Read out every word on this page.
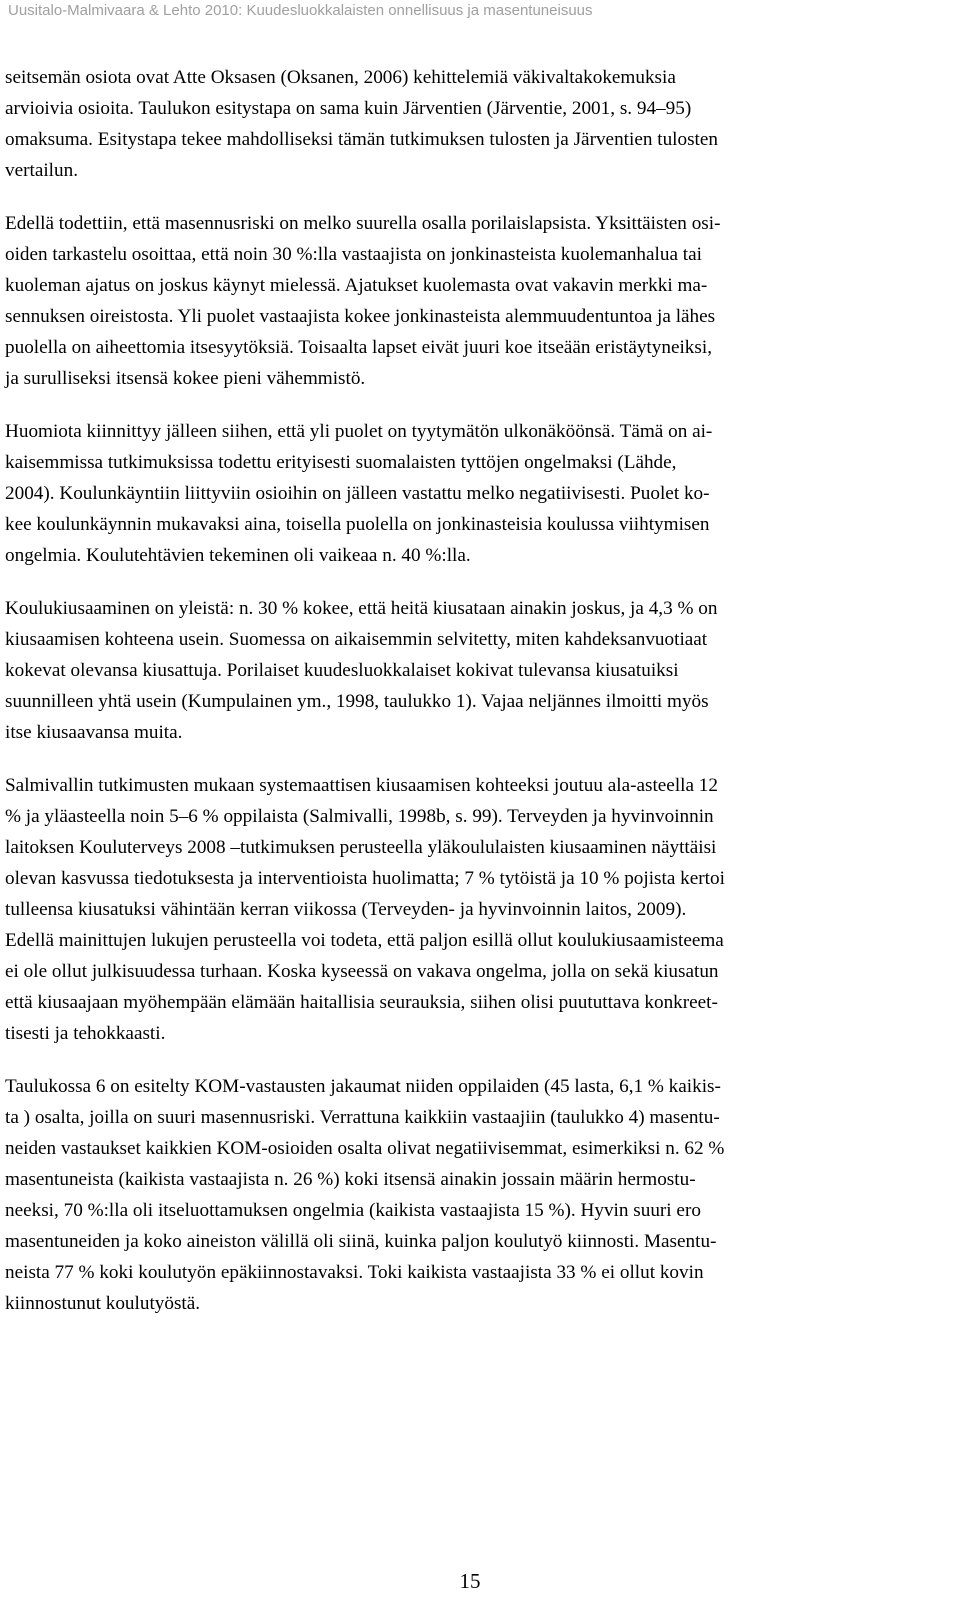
Uusitalo-Malmivaara & Lehto 2010: Kuudesluokkalaisten onnellisuus ja masentuneisuus

seitsemän osiota ovat Atte Oksasen (Oksanen, 2006) kehittelemiä väkivaltakokemuksia
arvioivia osioita. Taulukon esitystapa on sama kuin Järventien (Järventie, 2001, s. 94–95)
omaksuma. Esitystapa tekee mahdolliseksi tämän tutkimuksen tulosten ja Järventien tulosten
vertailun.

Edellä todettiin, että masennusriski on melko suurella osalla porilaislapsista. Yksittäisten osi-
oiden tarkastelu osoittaa, että noin 30 %:lla vastaajista on jonkinasteista kuolemanhalua tai
kuoleman ajatus on joskus käynyt mielessä. Ajatukset kuolemasta ovat vakavin merkki ma-
sennuksen oireistosta. Yli puolet vastaajista kokee jonkinasteista alemmuudentuntoa ja lähes
puolella on aiheettomia itsesyytöksiä. Toisaalta lapset eivät juuri koe itseään eristäytyneiksi,
ja surulliseksi itsensä kokee pieni vähemmistö.

Huomiota kiinnittyy jälleen siihen, että yli puolet on tyytymätön ulkonäköönsä. Tämä on ai-
kaisemmissa tutkimuksissa todettu erityisesti suomalaisten tyttöjen ongelmaksi (Lähde,
2004). Koulunkäyntiin liittyviin osioihin on jälleen vastattu melko negatiivisesti. Puolet ko-
kee koulunkäynnin mukavaksi aina, toisella puolella on jonkinasteisia koulussa viihtymisen
ongelmia. Koulutehtävien tekeminen oli vaikeaa n. 40 %:lla.

Koulukiusaaminen on yleistä: n. 30 % kokee, että heitä kiusataan ainakin joskus, ja 4,3 % on
kiusaamisen kohteena usein. Suomessa on aikaisemmin selvitetty, miten kahdeksanvuotiaat
kokevat olevansa kiusattuja. Porilaiset kuudesluokkalaiset kokivat tulevansa kiusatuiksi
suunnilleen yhtä usein (Kumpulainen ym., 1998, taulukko 1). Vajaa neljännes ilmoitti myös
itse kiusaavansa muita.

Salmivallin tutkimusten mukaan systemaattisen kiusaamisen kohteeksi joutuu ala-asteella 12
% ja yläasteella noin 5–6 % oppilaista (Salmivalli, 1998b, s. 99). Terveyden ja hyvinvoinnin
laitoksen Kouluterveys 2008 –tutkimuksen perusteella yläkoululaisten kiusaaminen näyttäisi
olevan kasvussa tiedotuksesta ja interventioista huolimatta; 7 % tytöistä ja 10 % pojista kertoi
tulleensa kiusatuksi vähintään kerran viikossa (Terveyden- ja hyvinvoinnin laitos, 2009).
Edellä mainittujen lukujen perusteella voi todeta, että paljon esillä ollut koulukiusaamisteema
ei ole ollut julkisuudessa turhaan. Koska kyseessä on vakava ongelma, jolla on sekä kiusatun
että kiusaajaan myöhempään elämään haitallisia seurauksia, siihen olisi puututtava konkreet-
tisesti ja tehokkaasti.

Taulukossa 6 on esitelty KOM-vastausten jakaumat niiden oppilaiden (45 lasta, 6,1 % kaikis-
ta ) osalta, joilla on suuri masennusriski. Verrattuna kaikkiin vastaajiin (taulukko 4) masentu-
neiden vastaukset kaikkien KOM-osioiden osalta olivat negatiivisemmat, esimerkiksi n. 62 %
masentuneista (kaikista vastaajista n. 26 %) koki itsensä ainakin jossain määrin hermostu-
neeksi, 70 %:lla oli itseluottamuksen ongelmia (kaikista vastaajista 15 %). Hyvin suuri ero
masentuneiden ja koko aineiston välillä oli siinä, kuinka paljon koulutyö kiinnosti. Masentu-
neista 77 % koki koulutyön epäkiinnostavaksi. Toki kaikista vastaajista 33 % ei ollut kovin
kiinnostunut koulutyöstä.

15
